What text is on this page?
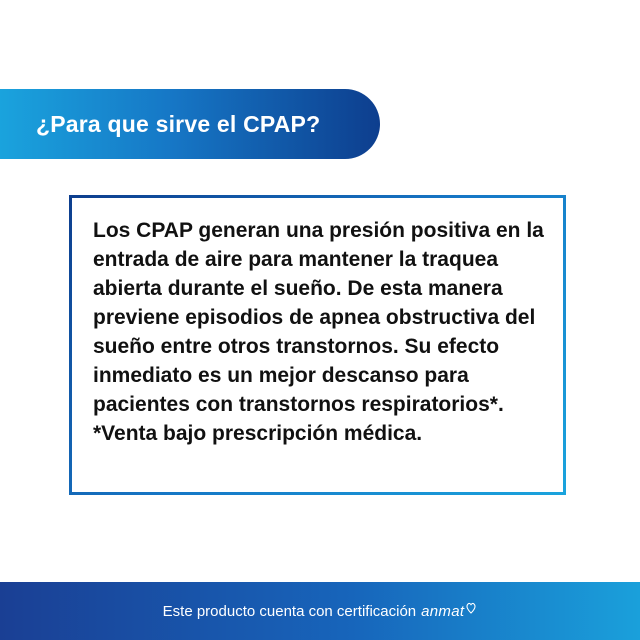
¿Para que sirve el CPAP?

Los CPAP generan una presión positiva en la entrada de aire para mantener la traquea abierta durante el sueño. De esta manera previene episodios de apnea obstructiva del sueño entre otros transtornos. Su efecto inmediato es un mejor descanso para pacientes con transtornos respiratorios*.

*Venta bajo prescripción médica.

Este producto cuenta con certificación anmat
